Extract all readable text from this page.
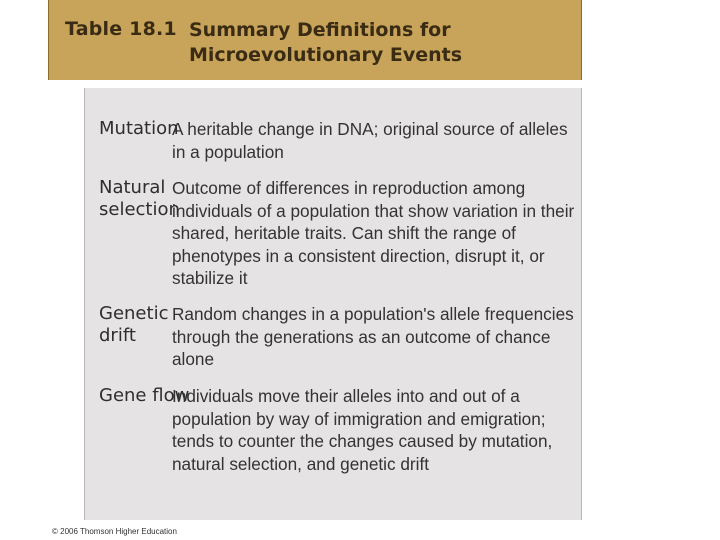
Table 18.1 Summary Definitions for Microevolutionary Events
Mutation
A heritable change in DNA; original source of alleles in a population
Natural selection
Outcome of differences in reproduction among individuals of a population that show variation in their shared, heritable traits. Can shift the range of phenotypes in a consistent direction, disrupt it, or stabilize it
Genetic drift
Random changes in a population's allele frequencies through the generations as an outcome of chance alone
Gene flow
Individuals move their alleles into and out of a population by way of immigration and emigration; tends to counter the changes caused by mutation, natural selection, and genetic drift
© 2006 Thomson Higher Education
